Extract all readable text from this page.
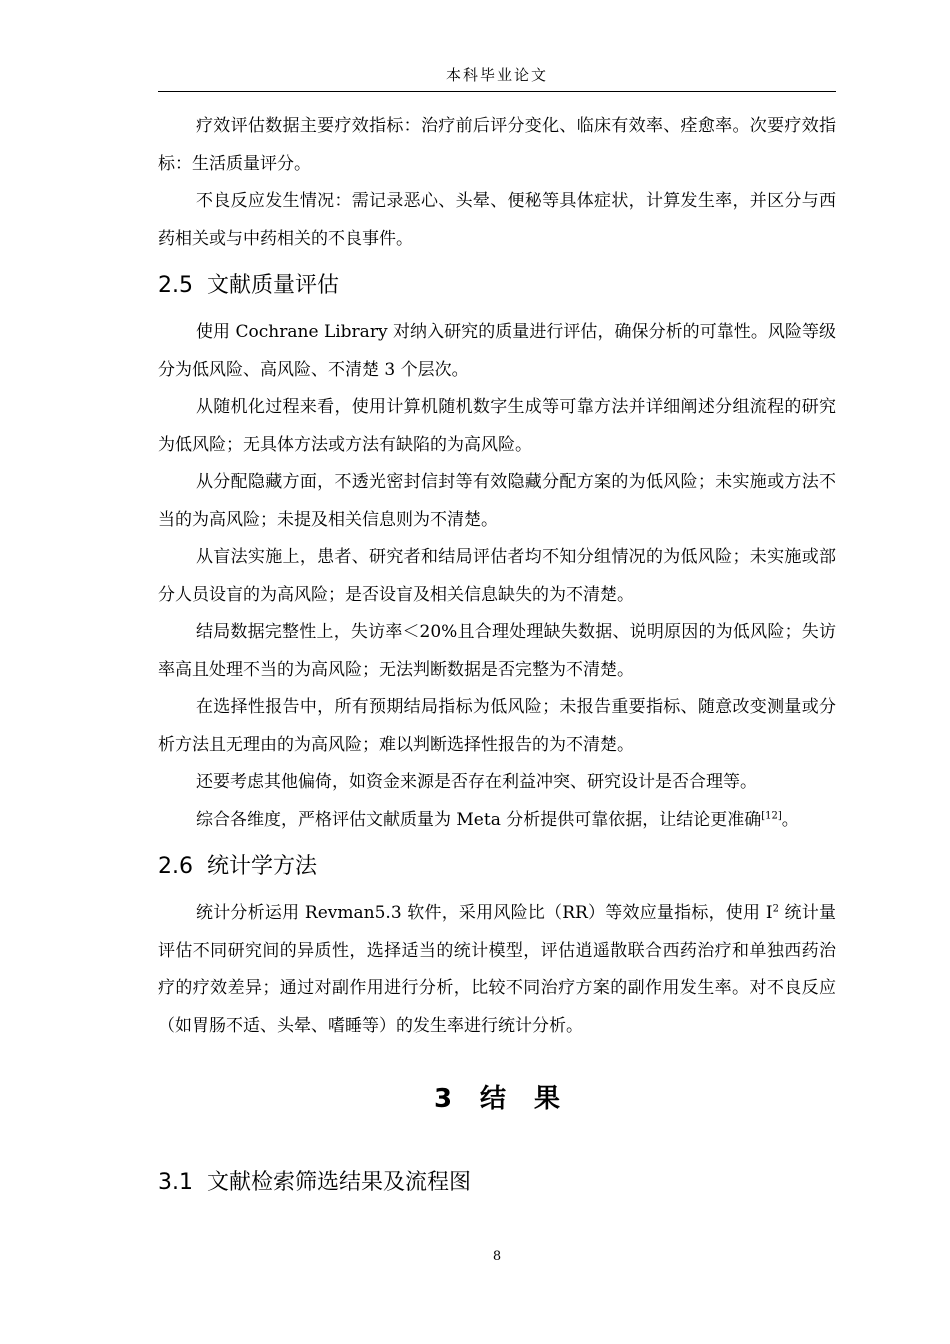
本科毕业论文

疗效评估数据主要疗效指标：治疗前后评分变化、临床有效率、痊愈率。次要疗效指标：生活质量评分。

不良反应发生情况：需记录恶心、头晕、便秘等具体症状，计算发生率，并区分与西药相关或与中药相关的不良事件。

2.5 文献质量评估

使用 Cochrane Library 对纳入研究的质量进行评估，确保分析的可靠性。风险等级分为低风险、高风险、不清楚 3 个层次。

从随机化过程来看，使用计算机随机数字生成等可靠方法并详细阐述分组流程的研究为低风险；无具体方法或方法有缺陷的为高风险。

从分配隐藏方面，不透光密封信封等有效隐藏分配方案的为低风险；未实施或方法不当的为高风险；未提及相关信息则为不清楚。

从盲法实施上，患者、研究者和结局评估者均不知分组情况的为低风险；未实施或部分人员设盲的为高风险；是否设盲及相关信息缺失的为不清楚。

结局数据完整性上，失访率＜20%且合理处理缺失数据、说明原因的为低风险；失访率高且处理不当的为高风险；无法判断数据是否完整为不清楚。

在选择性报告中，所有预期结局指标为低风险；未报告重要指标、随意改变测量或分析方法且无理由的为高风险；难以判断选择性报告的为不清楚。

还要考虑其他偏倚，如资金来源是否存在利益冲突、研究设计是否合理等。

综合各维度，严格评估文献质量为 Meta 分析提供可靠依据，让结论更准确[12]。

2.6 统计学方法

统计分析运用 Revman5.3 软件，采用风险比（RR）等效应量指标，使用 $I^2$ 统计量评估不同研究间的异质性，选择适当的统计模型，评估逍遥散联合西药治疗和单独西药治疗的疗效差异；通过对副作用进行分析，比较不同治疗方案的副作用发生率。对不良反应（如胃肠不适、头晕、嗜睡等）的发生率进行统计分析。

3 结 果
3.1 文献检索筛选结果及流程图
8
